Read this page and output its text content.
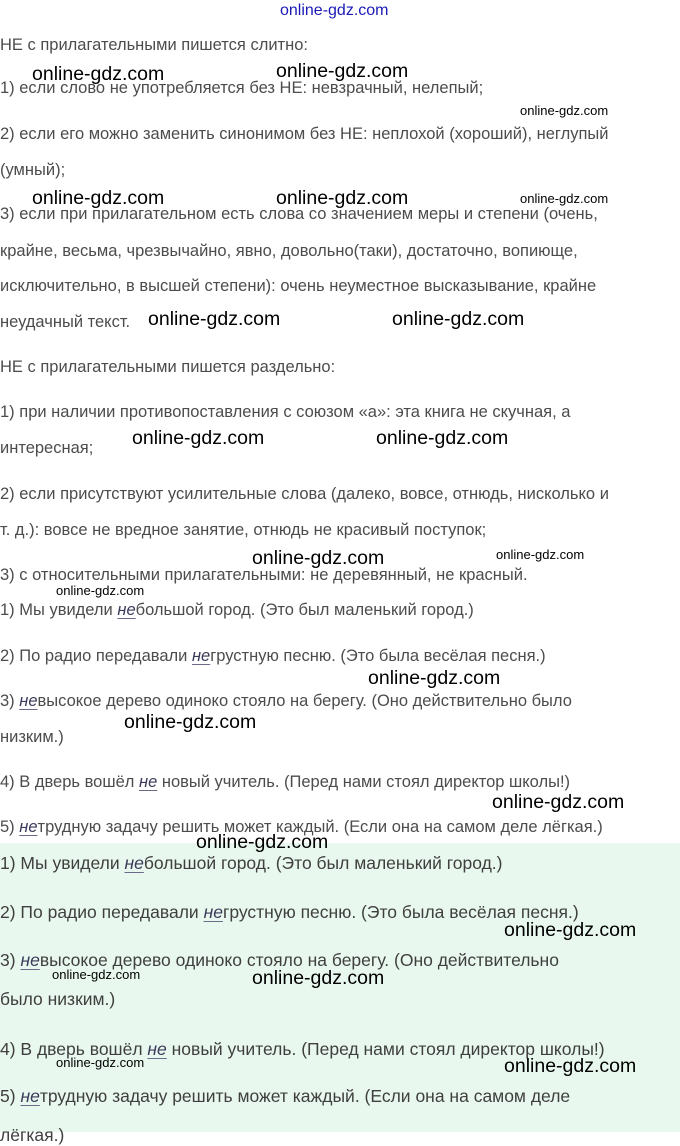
online-gdz.com
НЕ с прилагательными пишется слитно:
1) если слово не употребляется без НЕ: невзрачный, нелепый;
2) если его можно заменить синонимом без НЕ: неплохой (хороший), неглупый
(умный);
3) если при прилагательном есть слова со значением меры и степени (очень,
крайне, весьма, чрезвычайно, явно, довольно(таки), достаточно, вопиюще,
исключительно, в высшей степени): очень неуместное высказывание, крайне
неудачный текст.
НЕ с прилагательными пишется раздельно:
1) при наличии противопоставления с союзом «а»: эта книга не скучная, а
интересная;
2) если присутствуют усилительные слова (далеко, вовсе, отнюдь, нисколько и
т. д.): вовсе не вредное занятие, отнюдь не красивый поступок;
3) с относительными прилагательными: не деревянный, не красный.
1) Мы увидели небольшой город. (Это был маленький город.)
2) По радио передавали негрустную песню. (Это была весёлая песня.)
3) невысокое дерево одиноко стояло на берегу. (Оно действительно было
низким.)
4) В дверь вошёл не новый учитель. (Перед нами стоял директор школы!)
5) нетрудную задачу решить может каждый. (Если она на самом деле лёгкая.)
1) Мы увидели небольшой город. (Это был маленький город.)
2) По радио передавали негрустную песню. (Это была весёлая песня.)
3) невысокое дерево одиноко стояло на берегу. (Оно действительно
было низким.)
4) В дверь вошёл не новый учитель. (Перед нами стоял директор школы!)
5) нетрудную задачу решить может каждый. (Если она на самом деле
лёгкая.)
online-gdz.com	online-gdz.com
online-gdz.com
online-gdz.com	online-gdz.com	online-gdz.com
online-gdz.com	online-gdz.com
online-gdz.com	online-gdz.com
online-gdz.com	online-gdz.com
online-gdz.com
online-gdz.com
online-gdz.com
online-gdz.com
online-gdz.com
online-gdz.com
online-gdz.com	online-gdz.com
online-gdz.com	online-gdz.com
